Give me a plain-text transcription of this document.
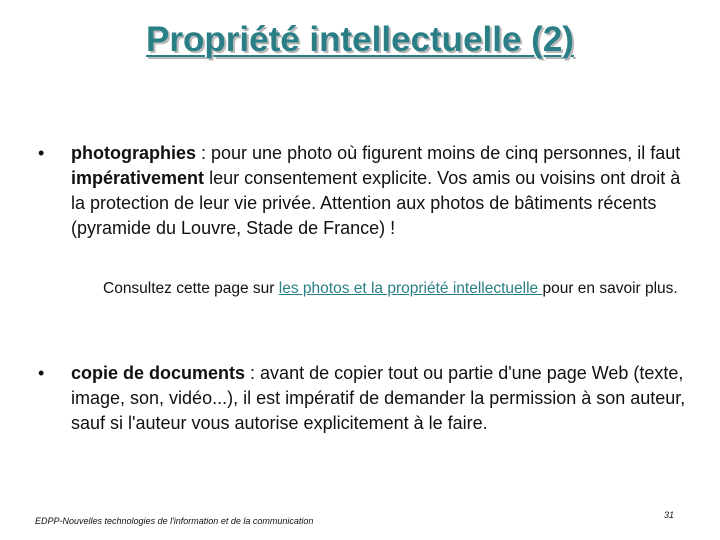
Propriété intellectuelle (2)
•	photographies : pour une photo où figurent moins de cinq personnes, il faut impérativement leur consentement explicite. Vos amis ou voisins ont droit à la protection de leur vie privée. Attention aux photos de bâtiments récents (pyramide du Louvre, Stade de France) !
Consultez cette page sur les photos et la propriété intellectuelle pour en savoir plus.
•	copie de documents : avant de copier tout ou partie d'une page Web (texte, image, son, vidéo...), il est impératif de demander la permission à son auteur, sauf si l'auteur vous autorise explicitement à le faire.
EDPP-Nouvelles technologies de l'information et de la communication
31
